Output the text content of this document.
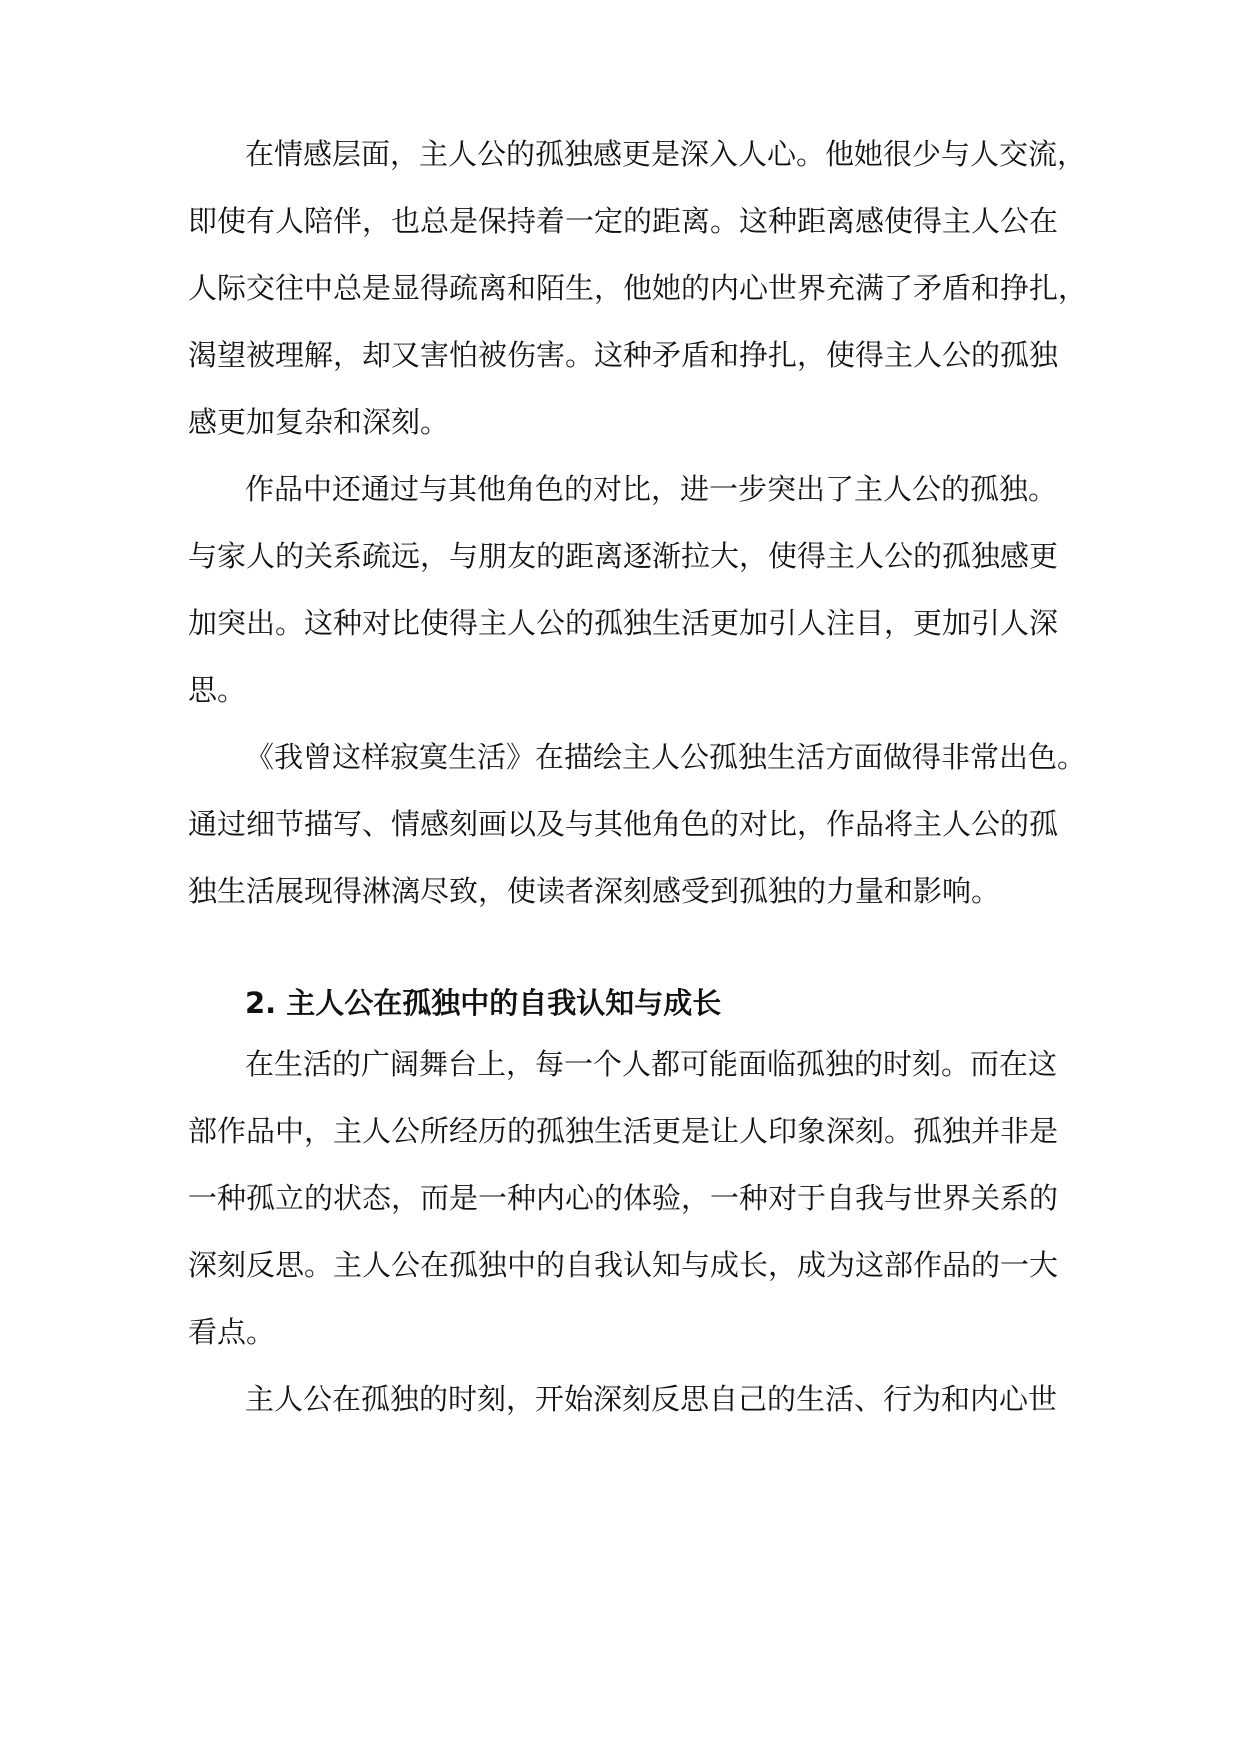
在情感层面，主人公的孤独感更是深入人心。他她很少与人交流，
即使有人陪伴，也总是保持着一定的距离。这种距离感使得主人公在
人际交往中总是显得疏离和陌生，他她的内心世界充满了矛盾和挣扎，
渴望被理解，却又害怕被伤害。这种矛盾和挣扎，使得主人公的孤独
感更加复杂和深刻。
作品中还通过与其他角色的对比，进一步突出了主人公的孤独。
与家人的关系疏远，与朋友的距离逐渐拉大，使得主人公的孤独感更
加突出。这种对比使得主人公的孤独生活更加引人注目，更加引人深
思。
《我曾这样寂寞生活》在描绘主人公孤独生活方面做得非常出色。
通过细节描写、情感刻画以及与其他角色的对比，作品将主人公的孤
独生活展现得淋漓尽致，使读者深刻感受到孤独的力量和影响。
2. 主人公在孤独中的自我认知与成长
在生活的广阔舞台上，每一个人都可能面临孤独的时刻。而在这
部作品中，主人公所经历的孤独生活更是让人印象深刻。孤独并非是
一种孤立的状态，而是一种内心的体验，一种对于自我与世界关系的
深刻反思。主人公在孤独中的自我认知与成长，成为这部作品的一大
看点。
主人公在孤独的时刻，开始深刻反思自己的生活、行为和内心世
